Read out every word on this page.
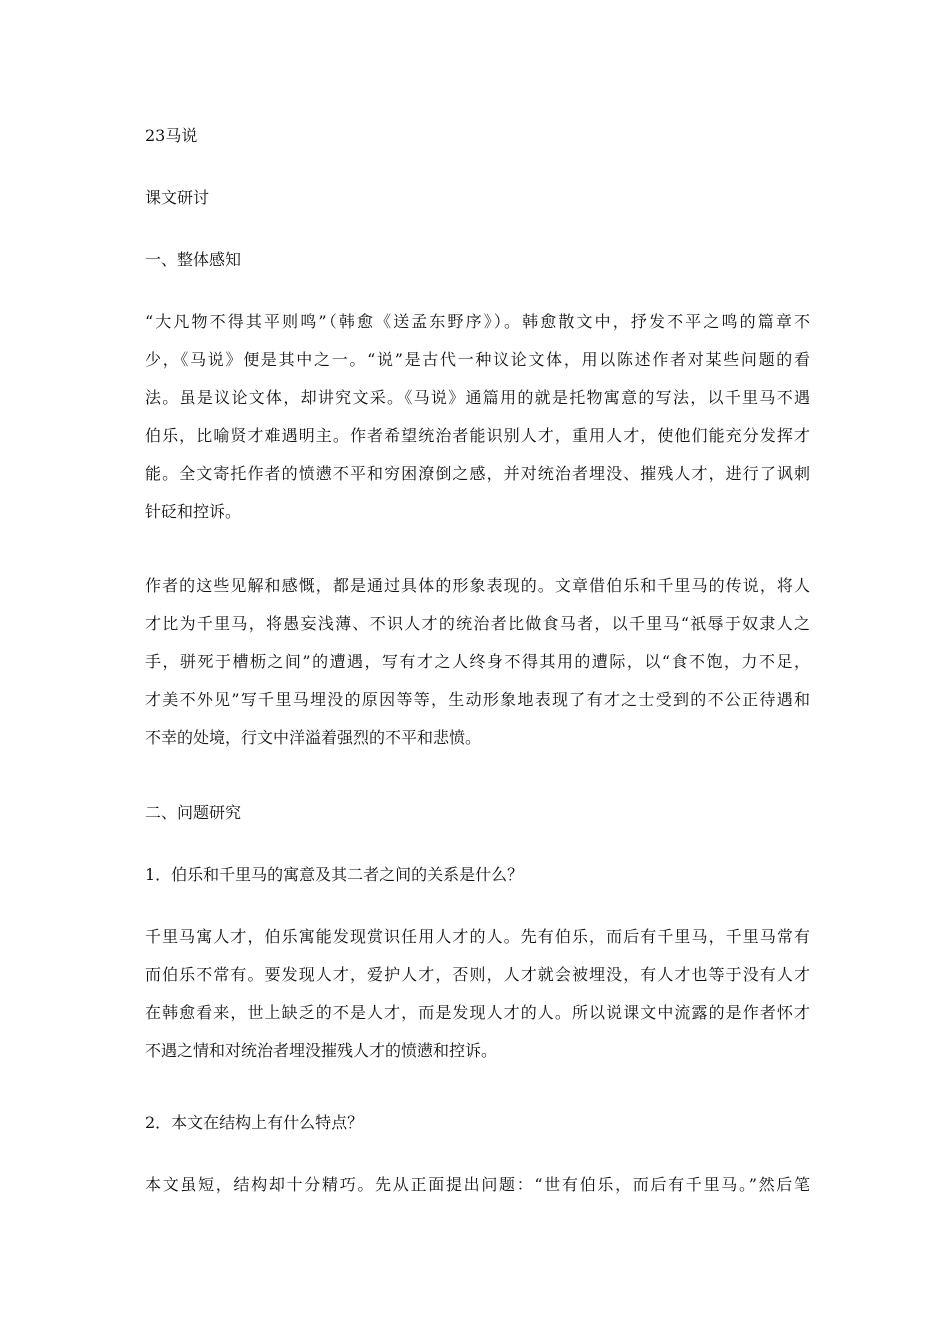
23马说
课文研讨
一、整体感知
“大凡物不得其平则鸣”（韩愈《送孟东野序》）。韩愈散文中，抒发不平之鸣的篇章不
少，《马说》便是其中之一。“说”是古代一种议论文体，用以陈述作者对某些问题的看
法。虽是议论文体，却讲究文采。《马说》通篇用的就是托物寓意的写法，以千里马不遇
伯乐，比喻贤才难遇明主。作者希望统治者能识别人才，重用人才，使他们能充分发挥才
能。全文寄托作者的愤懑不平和穷困潦倒之感，并对统治者埋没、摧残人才，进行了讽刺
针砭和控诉。
作者的这些见解和感慨，都是通过具体的形象表现的。文章借伯乐和千里马的传说，将人
才比为千里马，将愚妄浅薄、不识人才的统治者比做食马者，以千里马“祇辱于奴隶人之
手，骈死于槽枥之间”的遭遇，写有才之人终身不得其用的遭际，以“食不饱，力不足，
才美不外见”写千里马埋没的原因等等，生动形象地表现了有才之士受到的不公正待遇和
不幸的处境，行文中洋溢着强烈的不平和悲愤。
二、问题研究
1．伯乐和千里马的寓意及其二者之间的关系是什么？
千里马寓人才，伯乐寓能发现赏识任用人才的人。先有伯乐，而后有千里马，千里马常有
而伯乐不常有。要发现人才，爱护人才，否则，人才就会被埋没，有人才也等于没有人才
在韩愈看来，世上缺乏的不是人才，而是发现人才的人。所以说课文中流露的是作者怀才
不遇之情和对统治者埋没摧残人才的愤懑和控诉。
2．本文在结构上有什么特点？
本文虽短，结构却十分精巧。先从正面提出问题：“世有伯乐，而后有千里马。”然后笔
